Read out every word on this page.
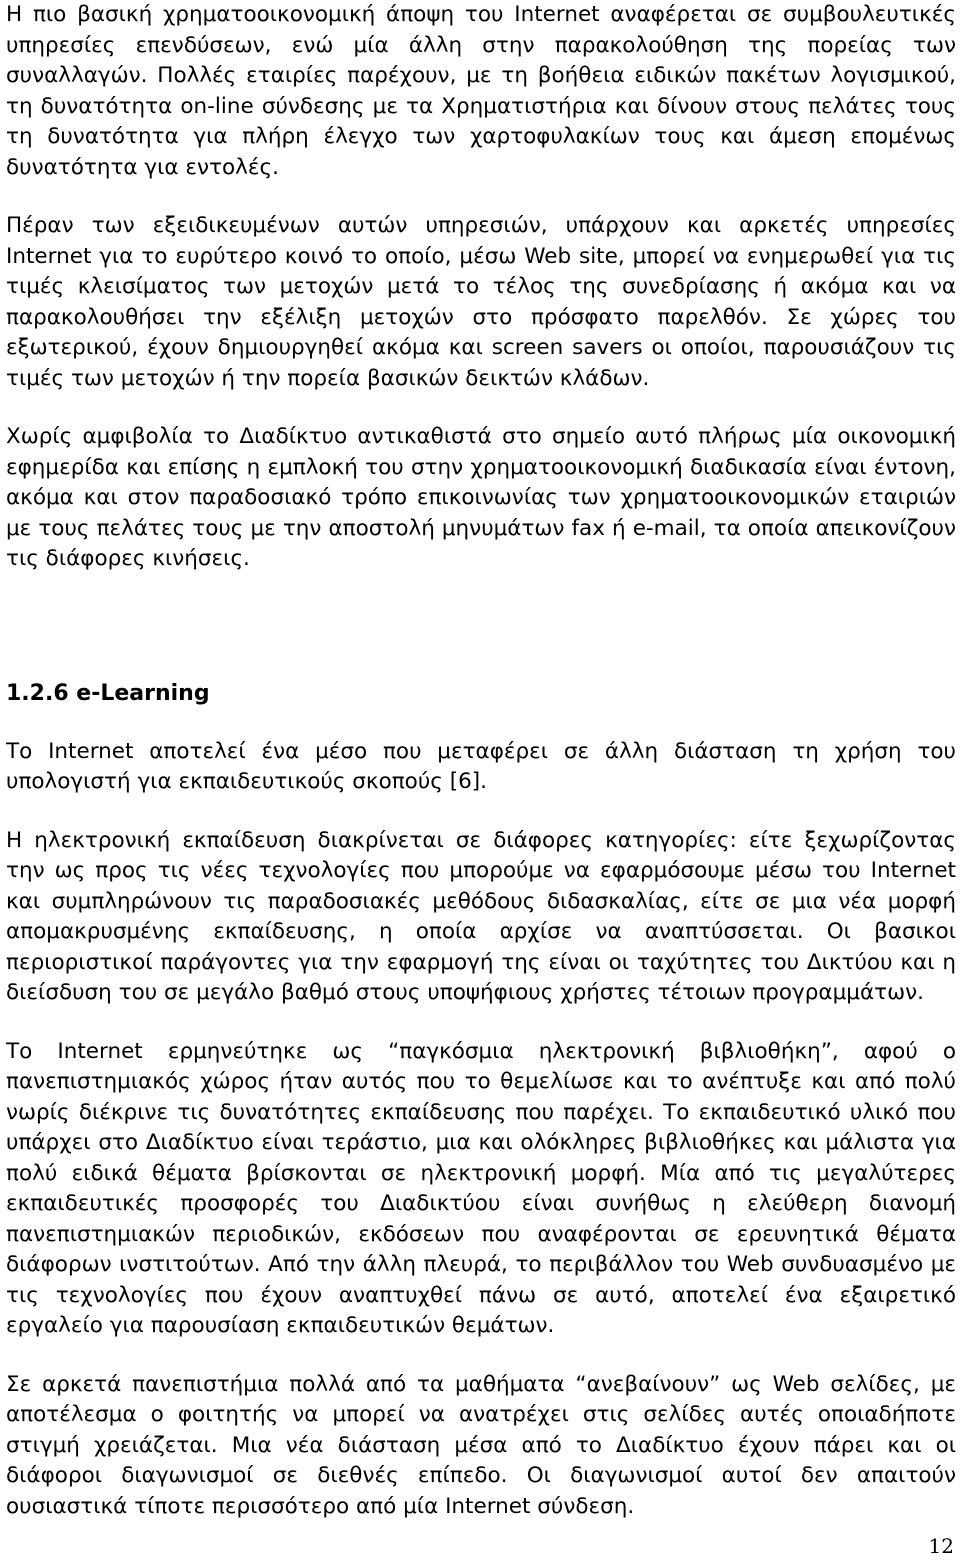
Η πιο βασική χρηματοοικονομική άποψη του Internet αναφέρεται σε συμβουλευτικές υπηρεσίες επενδύσεων, ενώ μία άλλη στην παρακολούθηση της πορείας των συναλλαγών. Πολλές εταιρίες παρέχουν, με τη βοήθεια ειδικών πακέτων λογισμικού, τη δυνατότητα on-line σύνδεσης με τα Χρηματιστήρια και δίνουν στους πελάτες τους τη δυνατότητα για πλήρη έλεγχο των χαρτοφυλακίων τους και άμεση επομένως δυνατότητα για εντολές.

Πέραν των εξειδικευμένων αυτών υπηρεσιών, υπάρχουν και αρκετές υπηρεσίες Internet για το ευρύτερο κοινό το οποίο, μέσω Web site, μπορεί να ενημερωθεί για τις τιμές κλεισίματος των μετοχών μετά το τέλος της συνεδρίασης ή ακόμα και να παρακολουθήσει την εξέλιξη μετοχών στο πρόσφατο παρελθόν. Σε χώρες του εξωτερικού, έχουν δημιουργηθεί ακόμα και screen savers οι οποίοι, παρουσιάζουν τις τιμές των μετοχών ή την πορεία βασικών δεικτών κλάδων.

Χωρίς αμφιβολία το Διαδίκτυο αντικαθιστά στο σημείο αυτό πλήρως μία οικονομική εφημερίδα και επίσης η εμπλοκή του στην χρηματοοικονομική διαδικασία είναι έντονη, ακόμα και στον παραδοσιακό τρόπο επικοινωνίας των χρηματοοικονομικών εταιριών με τους πελάτες τους με την αποστολή μηνυμάτων fax ή e-mail, τα οποία απεικονίζουν τις διάφορες κινήσεις.

1.2.6 e-Learning

Το Internet αποτελεί ένα μέσο που μεταφέρει σε άλλη διάσταση τη χρήση του υπολογιστή για εκπαιδευτικούς σκοπούς [6].

Η ηλεκτρονική εκπαίδευση διακρίνεται σε διάφορες κατηγορίες: είτε ξεχωρίζοντας την ως προς τις νέες τεχνολογίες που μπορούμε να εφαρμόσουμε μέσω του Internet και συμπληρώνουν τις παραδοσιακές μεθόδους διδασκαλίας, είτε σε μια νέα μορφή απομακρυσμένης εκπαίδευσης, η οποία αρχίσε να αναπτύσσεται. Οι βασικοι περιοριστικοί παράγοντες για την εφαρμογή της είναι οι ταχύτητες του Δικτύου και η διείσδυση του σε μεγάλο βαθμό στους υποψήφιους χρήστες τέτοιων προγραμμάτων.

Το Internet ερμηνεύτηκε ως “παγκόσμια ηλεκτρονική βιβλιοθήκη”, αφού ο πανεπιστημιακός χώρος ήταν αυτός που το θεμελίωσε και το ανέπτυξε και από πολύ νωρίς διέκρινε τις δυνατότητες εκπαίδευσης που παρέχει. Το εκπαιδευτικό υλικό που υπάρχει στο Διαδίκτυο είναι τεράστιο, μια και ολόκληρες βιβλιοθήκες και μάλιστα για πολύ ειδικά θέματα βρίσκονται σε ηλεκτρονική μορφή. Μία από τις μεγαλύτερες εκπαιδευτικές προσφορές του Διαδικτύου είναι συνήθως η ελεύθερη διανομή πανεπιστημιακών περιοδικών, εκδόσεων που αναφέρονται σε ερευνητικά θέματα διάφορων ινστιτούτων. Από την άλλη πλευρά, το περιβάλλον του Web συνδυασμένο με τις τεχνολογίες που έχουν αναπτυχθεί πάνω σε αυτό, αποτελεί ένα εξαιρετικό εργαλείο για παρουσίαση εκπαιδευτικών θεμάτων.

Σε αρκετά πανεπιστήμια πολλά από τα μαθήματα “ανεβαίνουν” ως Web σελίδες, με αποτέλεσμα ο φοιτητής να μπορεί να ανατρέχει στις σελίδες αυτές οποιαδήποτε στιγμή χρειάζεται. Μια νέα διάσταση μέσα από το Διαδίκτυο έχουν πάρει και οι διάφοροι διαγωνισμοί σε διεθνές επίπεδο. Οι διαγωνισμοί αυτοί δεν απαιτούν ουσιαστικά τίποτε περισσότερο από μία Internet σύνδεση.

12
